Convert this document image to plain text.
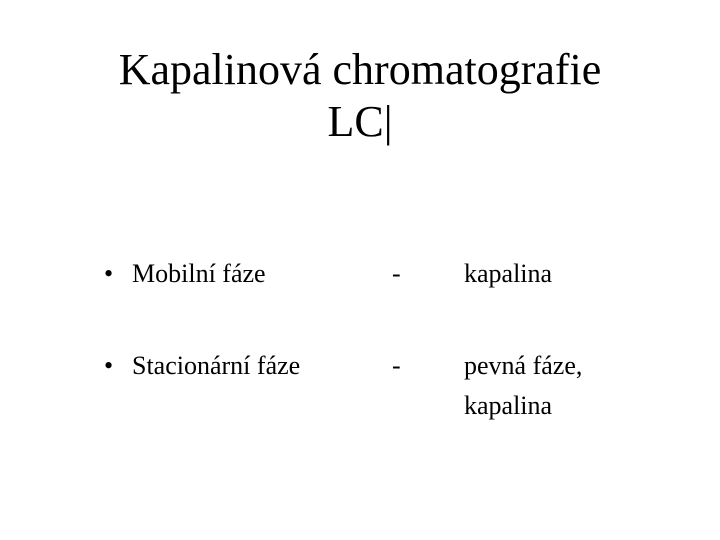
Kapalinová chromatografie
LC|
• Mobilní fáze	- kapalina
• Stacionární fáze	- pevná fáze,
kapalina
